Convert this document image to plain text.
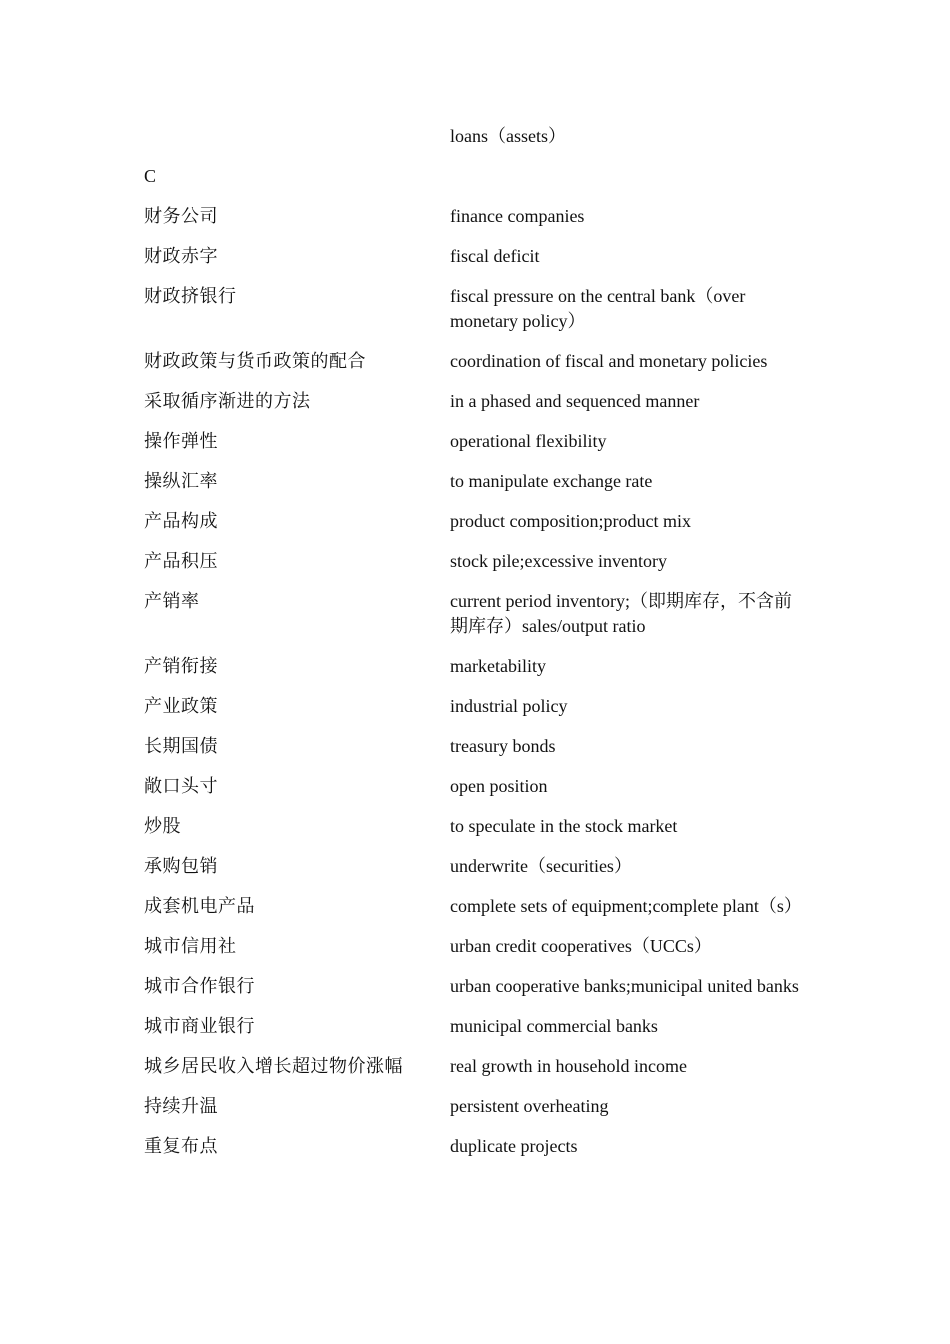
loans（assets）
C
财务公司	finance companies
财政赤字	fiscal deficit
财政挤银行	fiscal pressure on the central bank（over monetary policy）
财政政策与货币政策的配合	coordination of fiscal and monetary policies
采取循序渐进的方法	in a phased and sequenced manner
操作弹性	operational flexibility
操纵汇率	to manipulate exchange rate
产品构成	product composition;product mix
产品积压	stock pile;excessive inventory
产销率	current period inventory;（即期库存，不含前期库存）sales/output ratio
产销衔接	marketability
产业政策	industrial policy
长期国债	treasury bonds
敞口头寸	open position
炒股	to speculate in the stock market
承购包销	underwrite（securities）
成套机电产品	complete sets of equipment;complete plant（s）
城市信用社	urban credit cooperatives（UCCs）
城市合作银行	urban cooperative banks;municipal united banks
城市商业银行	municipal commercial banks
城乡居民收入增长超过物价涨幅	real growth in household income
持续升温	persistent overheating
重复布点	duplicate projects
